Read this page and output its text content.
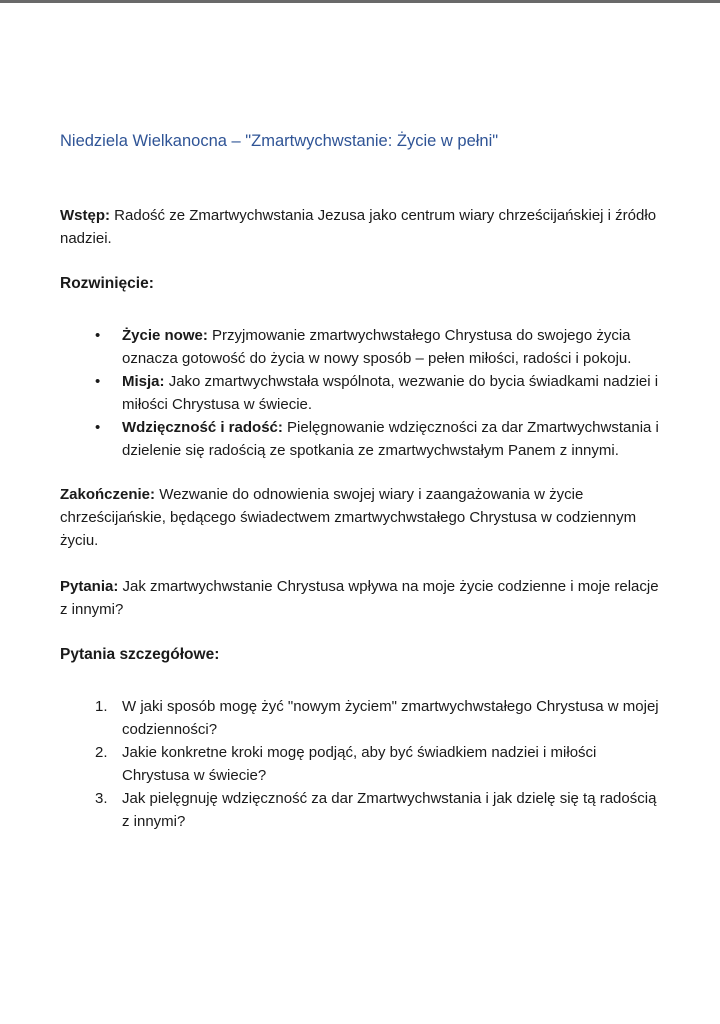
Niedziela Wielkanocna – "Zmartwychwstanie: Życie w pełni"

Wstęp: Radość ze Zmartwychwstania Jezusa jako centrum wiary chrześcijańskiej i źródło nadziei.

Rozwinięcie:
• Życie nowe: Przyjmowanie zmartwychwstałego Chrystusa do swojego życia oznacza gotowość do życia w nowy sposób – pełen miłości, radości i pokoju.
• Misja: Jako zmartwychwstała wspólnota, wezwanie do bycia świadkami nadziei i miłości Chrystusa w świecie.
• Wdzięczność i radość: Pielęgnowanie wdzięczności za dar Zmartwychwstania i dzielenie się radością ze spotkania ze zmartwychwstałym Panem z innymi.

Zakończenie: Wezwanie do odnowienia swojej wiary i zaangażowania w życie chrześcijańskie, będącego świadectwem zmartwychwstałego Chrystusa w codziennym życiu.

Pytania: Jak zmartwychwstanie Chrystusa wpływa na moje życie codzienne i moje relacje z innymi?

Pytania szczegółowe:
1. W jaki sposób mogę żyć "nowym życiem" zmartwychwstałego Chrystusa w mojej codzienności?
2. Jakie konkretne kroki mogę podjąć, aby być świadkiem nadziei i miłości Chrystusa w świecie?
3. Jak pielęgnuję wdzięczność za dar Zmartwychwstania i jak dzielę się tą radością z innymi?
